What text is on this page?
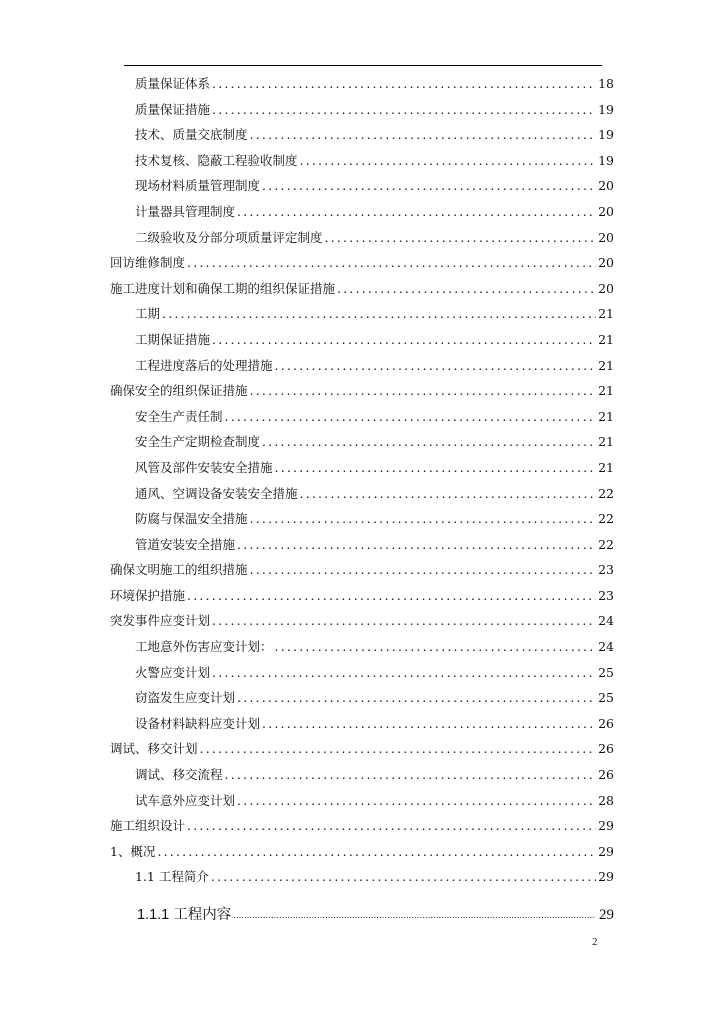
质量保证体系 .....	18
质量保证措施 .....	19
技术、质量交底制度 .....	19
技术复核、隐蔽工程验收制度 .....	19
现场材料质量管理制度 .....	20
计量器具管理制度 .....	20
二级验收及分部分项质量评定制度 .....	20
回访维修制度 .....	20
施工进度计划和确保工期的组织保证措施 .....	20
工期 .....	21
工期保证措施 .....	21
工程进度落后的处理措施 .....	21
确保安全的组织保证措施 .....	21
安全生产责任制 .....	21
安全生产定期检查制度 .....	21
风管及部件安装安全措施 .....	21
通风、空调设备安装安全措施 .....	22
防腐与保温安全措施 .....	22
管道安装安全措施 .....	22
确保文明施工的组织措施 .....	23
环境保护措施 .....	23
突发事件应变计划 .....	24
工地意外伤害应变计划： .....	24
火警应变计划 .....	25
窃盗发生应变计划 .....	25
设备材料缺料应变计划 .....	26
调试、移交计划 .....	26
调试、移交流程 .....	26
试车意外应变计划 .....	28
施工组织设计 .....	29
1、概况 .....	29
1.1 工程简介 .....	29
1.1.1 工程内容 .....	29
2
